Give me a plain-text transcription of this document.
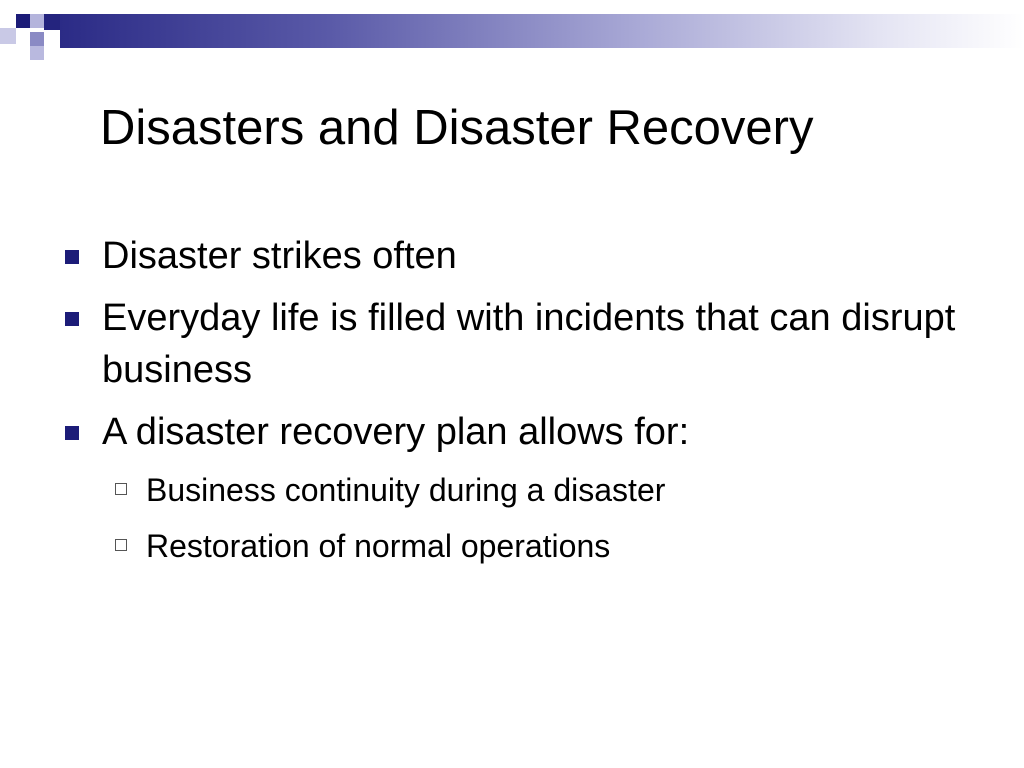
Disasters and Disaster Recovery
Disaster strikes often
Everyday life is filled with incidents that can disrupt business
A disaster recovery plan allows for:
Business continuity during a disaster
Restoration of normal operations
